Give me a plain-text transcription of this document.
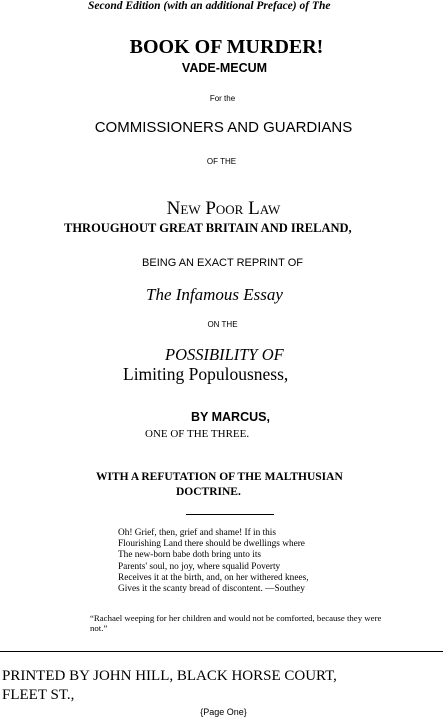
Second Edition (with an additional Preface) of The
BOOK OF MURDER!
VADE-MECUM
For the
COMMISSIONERS AND GUARDIANS
OF THE
New Poor Law
THROUGHOUT GREAT BRITAIN AND IRELAND,
BEING AN EXACT REPRINT OF
The Infamous Essay
ON THE
POSSIBILITY OF
Limiting Populousness,
BY MARCUS,
ONE OF THE THREE.
WITH A REFUTATION OF THE MALTHUSIAN
DOCTRINE.
Oh! Grief, then, grief and shame! If in this
Flourishing Land there should be dwellings where
The new-born babe doth bring unto its
Parents' soul, no joy, where squalid Poverty
Receives it at the birth, and, on her withered knees,
Gives it the scanty bread of discontent. —Southey
“Rachael weeping for her children and would not be comforted, because they were not.”
PRINTED BY JOHN HILL, BLACK HORSE COURT,
FLEET ST.,
{Page One}
